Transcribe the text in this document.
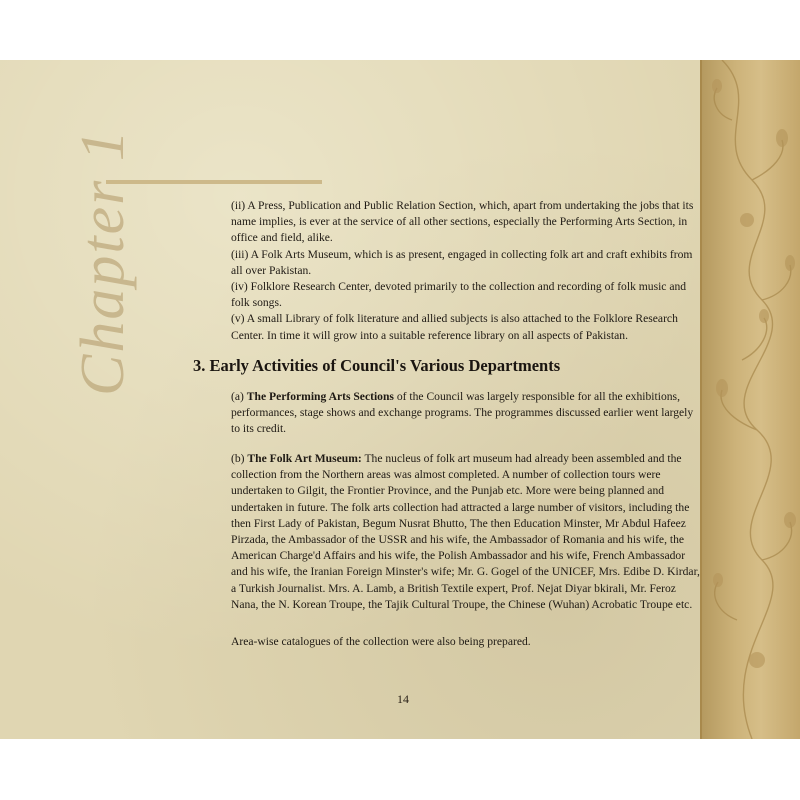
Chapter 1	(ii) A Press, Publication and Public Relation Section, which, apart from undertaking the jobs that its name implies, is ever at the service of all other sections, especially the Performing Arts Section, in office and field, alike.

(iii) A Folk Arts Museum, which is as present, engaged in collecting folk art and craft exhibits from all over Pakistan.

(iv) Folklore Research Center, devoted primarily to the collection and recording of folk music and folk songs.

(v) A small Library of folk literature and allied subjects is also attached to the Folklore Research Center. In time it will grow into a suitable reference library on all aspects of Pakistan.

3. Early Activities of Council's Various Departments

(a) The Performing Arts Sections of the Council was largely responsible for all the exhibitions, performances, stage shows and exchange programs. The programmes discussed earlier went largely to its credit.

(b) The Folk Art Museum: The nucleus of folk art museum had already been assembled and the collection from the Northern areas was almost completed. A number of collection tours were undertaken to Gilgit, the Frontier Province, and the Punjab etc. More were being planned and undertaken in future. The folk arts collection had attracted a large number of visitors, including the then First Lady of Pakistan, Begum Nusrat Bhutto, The then Education Minster, Mr Abdul Hafeez Pirzada, the Ambassador of the USSR and his wife, the Ambassador of Romania and his wife, the American Charge'd Affairs and his wife, the Polish Ambassador and his wife, French Ambassador and his wife, the Iranian Foreign Minster's wife; Mr. G. Gogel of the UNICEF, Mrs. Edibe D. Kirdar, a Turkish Journalist. Mrs. A. Lamb, a British Textile expert, Prof. Nejat Diyar bkirali, Mr. Feroz Nana, the N. Korean Troupe, the Tajik Cultural Troupe, the Chinese (Wuhan) Acrobatic Troupe etc.

Area-wise catalogues of the collection were also being prepared.

14
